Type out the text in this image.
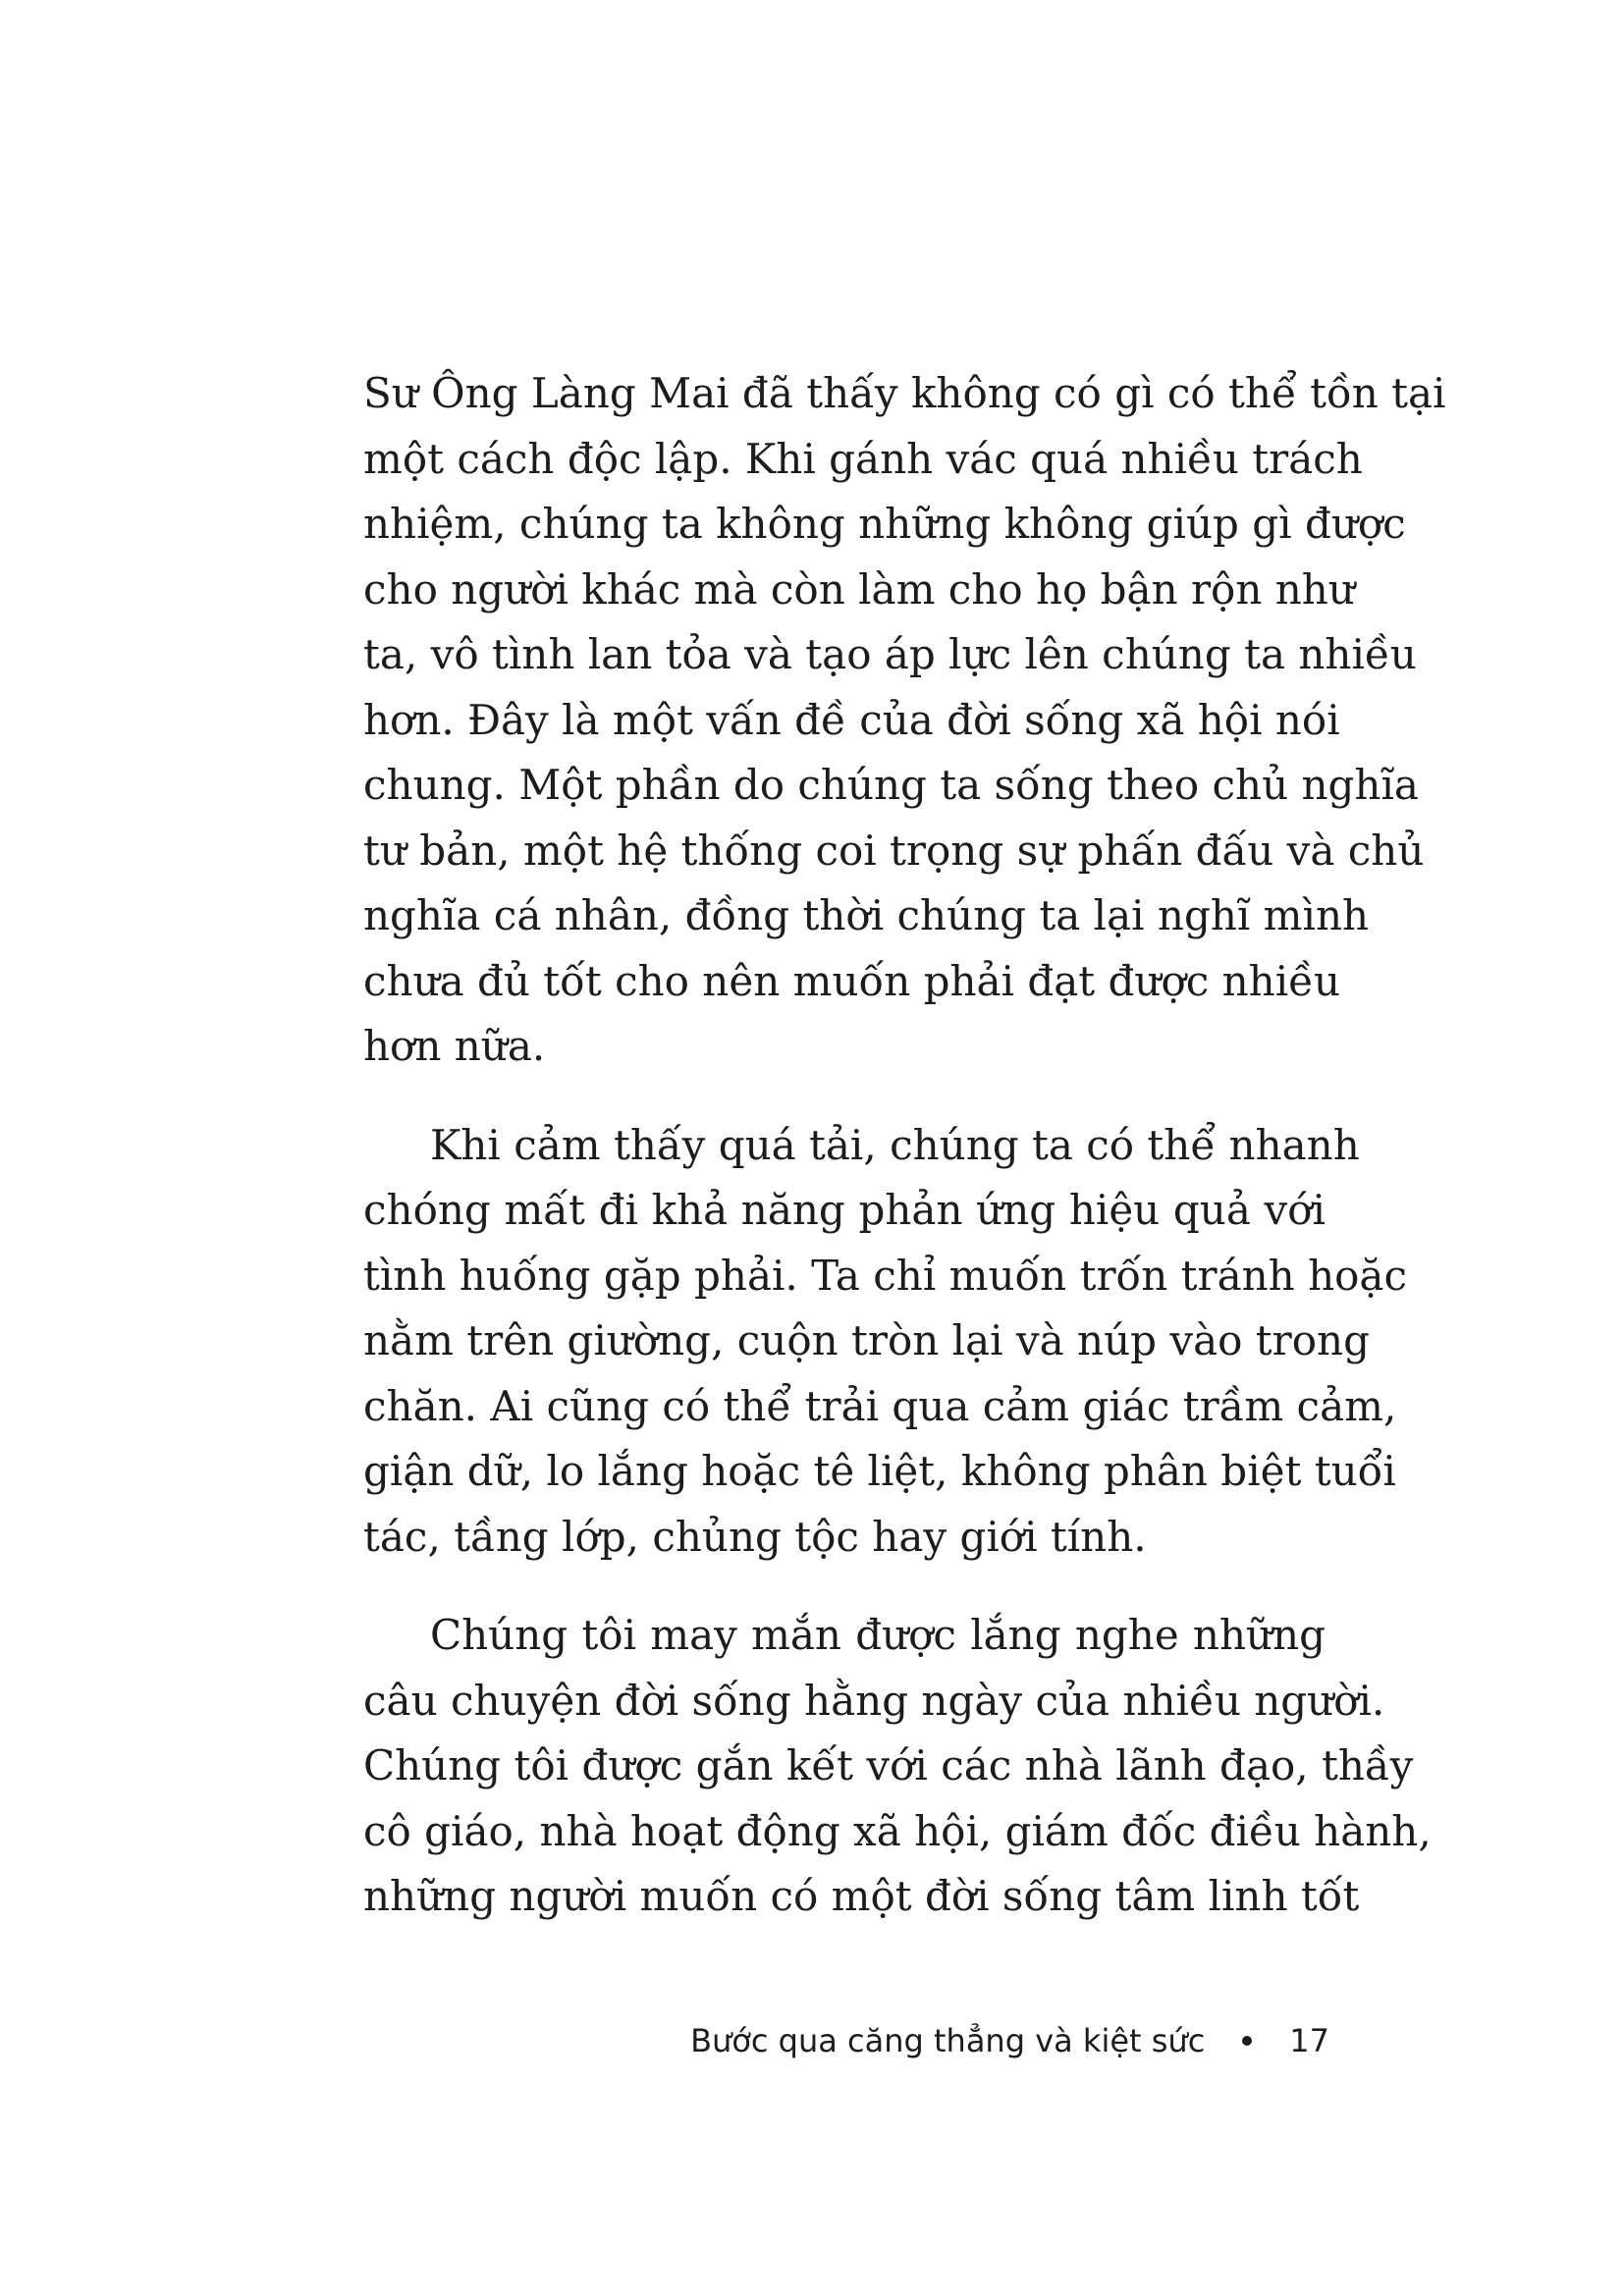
Sư Ông Làng Mai đã thấy không có gì có thể tồn tại
một cách độc lập. Khi gánh vác quá nhiều trách
nhiệm, chúng ta không những không giúp gì được
cho người khác mà còn làm cho họ bận rộn như
ta, vô tình lan tỏa và tạo áp lực lên chúng ta nhiều
hơn. Đây là một vấn đề của đời sống xã hội nói
chung. Một phần do chúng ta sống theo chủ nghĩa
tư bản, một hệ thống coi trọng sự phấn đấu và chủ
nghĩa cá nhân, đồng thời chúng ta lại nghĩ mình
chưa đủ tốt cho nên muốn phải đạt được nhiều
hơn nữa.
Khi cảm thấy quá tải, chúng ta có thể nhanh
chóng mất đi khả năng phản ứng hiệu quả với
tình huống gặp phải. Ta chỉ muốn trốn tránh hoặc
nằm trên giường, cuộn tròn lại và núp vào trong
chăn. Ai cũng có thể trải qua cảm giác trầm cảm,
giận dữ, lo lắng hoặc tê liệt, không phân biệt tuổi
tác, tầng lớp, chủng tộc hay giới tính.
Chúng tôi may mắn được lắng nghe những
câu chuyện đời sống hằng ngày của nhiều người.
Chúng tôi được gắn kết với các nhà lãnh đạo, thầy
cô giáo, nhà hoạt động xã hội, giám đốc điều hành,
những người muốn có một đời sống tâm linh tốt
Bước qua căng thẳng và kiệt sức	17
